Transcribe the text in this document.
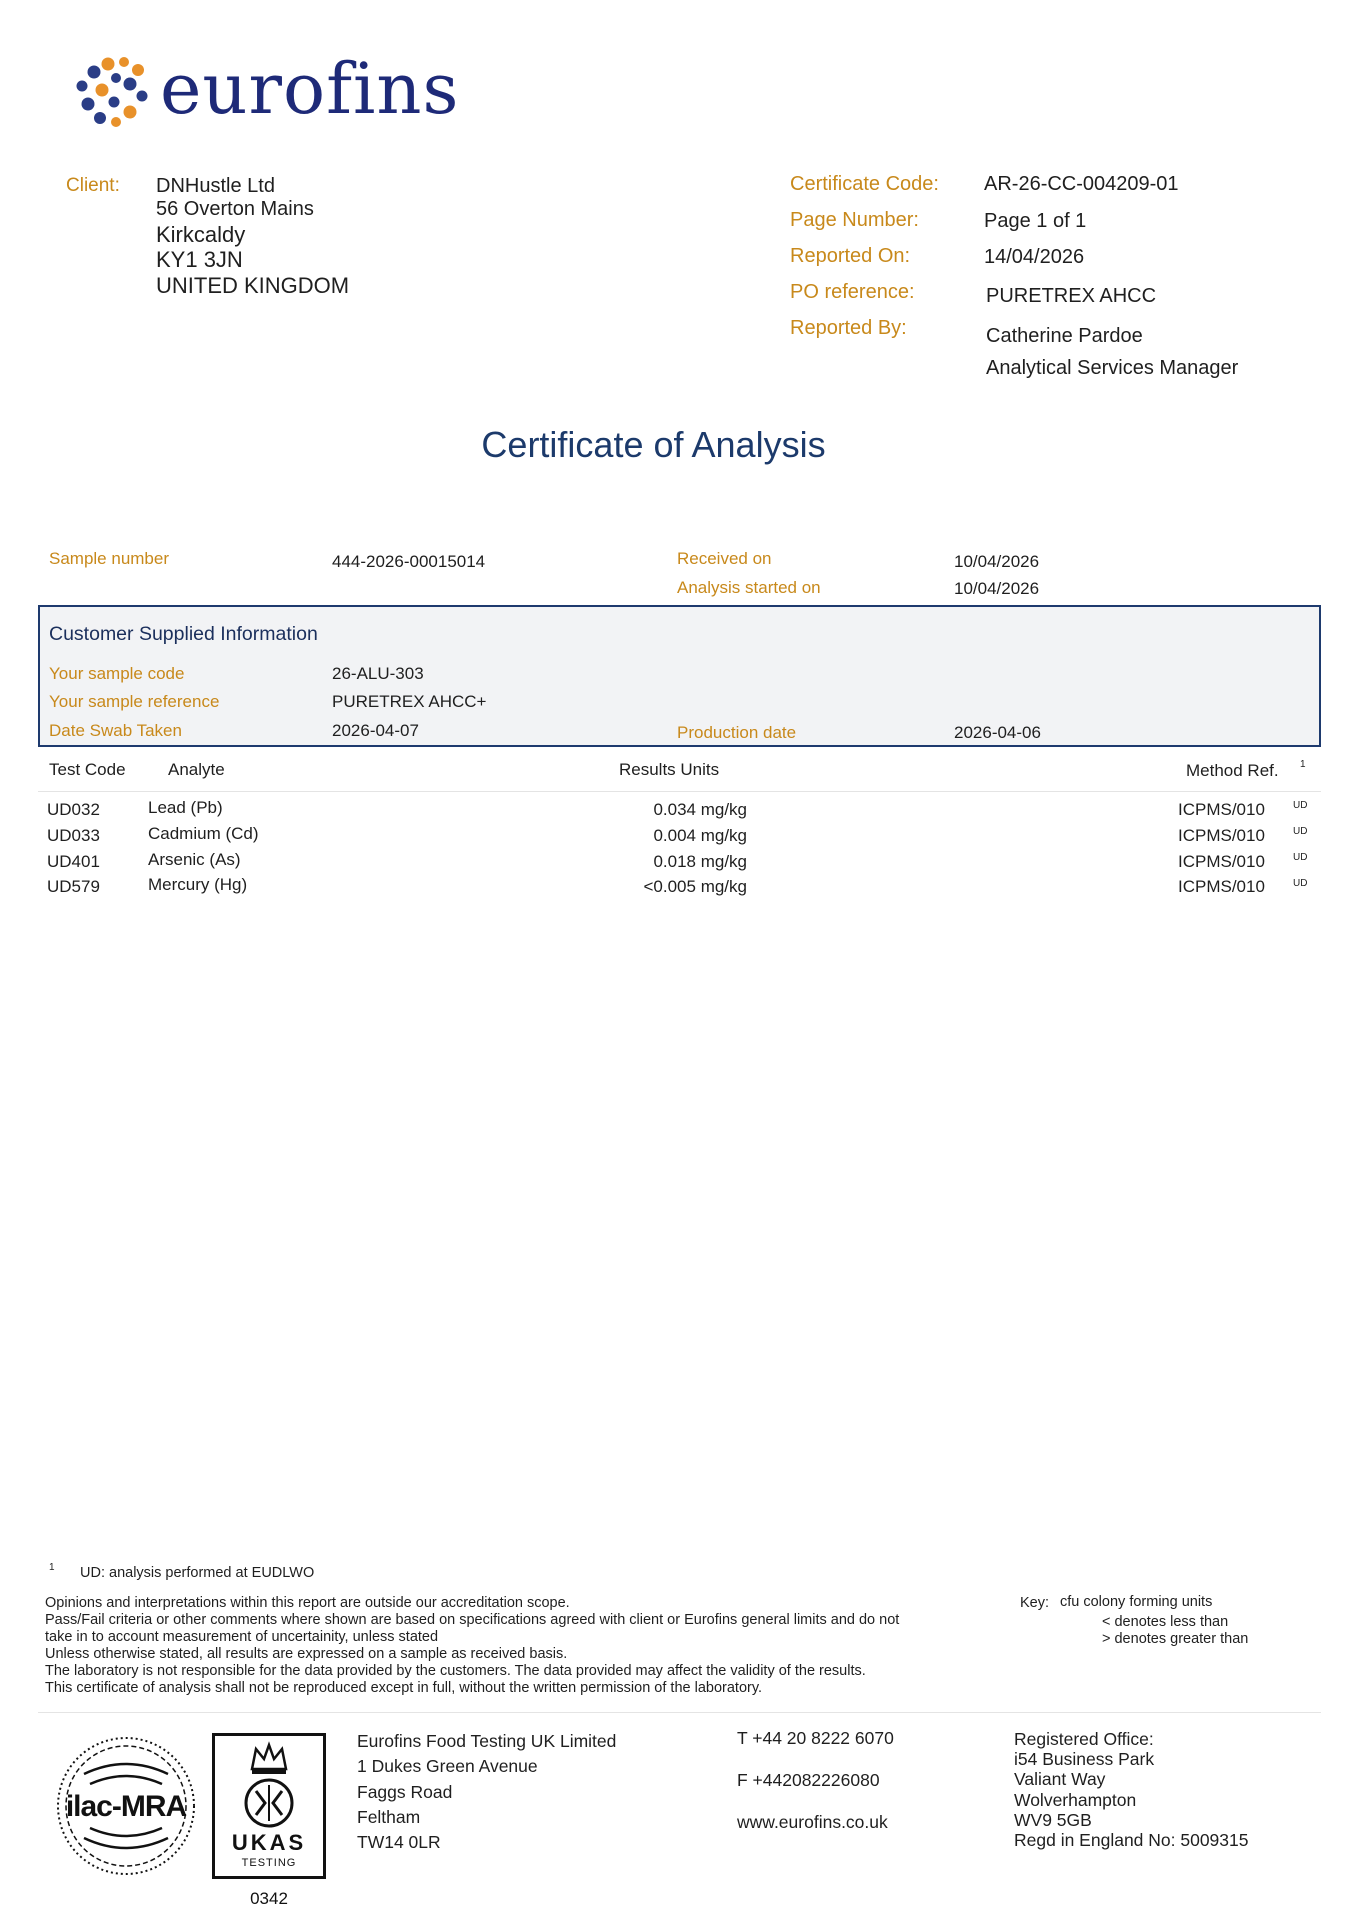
eurofins
Client: DNHustle Ltd
56 Overton Mains
Kirkcaldy
KY1 3JN
UNITED KINGDOM
Certificate Code: AR-26-CC-004209-01
Page Number:	Page 1 of 1
Reported On:	14/04/2026
PO reference:	PURETREX AHCC
Reported By:	Catherine Pardoe
Analytical Services Manager
Certificate of Analysis
Sample number	444-2026-00015014	Received on	10/04/2026
Analysis started on	10/04/2026
Customer Supplied Information
Your sample code	26-ALU-303
Your sample reference	PURETREX AHCC+
Date Swab Taken	2026-04-07	Production date	2026-04-06
Test Code Analyte	Results Units	Method Ref. 1
UD032	Lead (Pb)	0.034 mg/kg	ICPMS/010	UD
UD033	Cadmium (Cd)	0.004 mg/kg	ICPMS/010	UD
UD401	Arsenic (As)	0.018 mg/kg	ICPMS/010	UD
UD579	Mercury (Hg)	<0.005 mg/kg	ICPMS/010	UD
1 UD: analysis performed at EUDLWO
Opinions and interpretations within this report are outside our accreditation scope.
Pass/Fail criteria or other comments where shown are based on specifications agreed with client or Eurofins general limits and do not
take in to account measurement of uncertainity, unless stated
Unless otherwise stated, all results are expressed on a sample as received basis.
The laboratory is not responsible for the data provided by the customers. The data provided may affect the validity of the results.
This certificate of analysis shall not be reproduced except in full, without the written permission of the laboratory.
Key: cfu colony forming units
< denotes less than
> denotes greater than
ilac-MRA
UKAS
TESTING
0342
Eurofins Food Testing UK Limited
1 Dukes Green Avenue
Faggs Road
Feltham
TW14 0LR
T +44 20 8222 6070
F +442082226080
www.eurofins.co.uk
Registered Office:
i54 Business Park
Valiant Way
Wolverhampton
WV9 5GB
Regd in England No: 5009315
